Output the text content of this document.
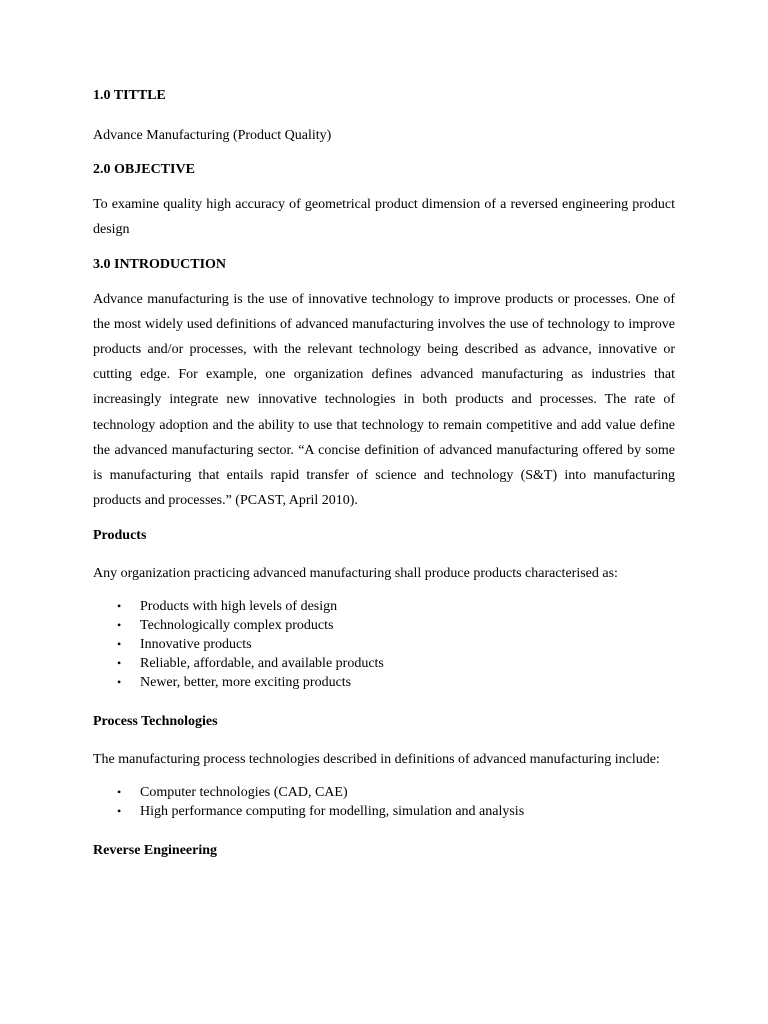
1.0 TITTLE

Advance Manufacturing (Product Quality)

2.0 OBJECTIVE

To examine quality high accuracy of geometrical product dimension of a reversed engineering product design

3.0 INTRODUCTION

Advance manufacturing is the use of innovative technology to improve products or processes. One of the most widely used definitions of advanced manufacturing involves the use of technology to improve products and/or processes, with the relevant technology being described as advance, innovative or cutting edge. For example, one organization defines advanced manufacturing as industries that increasingly integrate new innovative technologies in both products and processes. The rate of technology adoption and the ability to use that technology to remain competitive and add value define the advanced manufacturing sector. “A concise definition of advanced manufacturing offered by some is manufacturing that entails rapid transfer of science and technology (S&T) into manufacturing products and processes.” (PCAST, April 2010).

Products

Any organization practicing advanced manufacturing shall produce products characterised as:

• Products with high levels of design
• Technologically complex products
• Innovative products
• Reliable, affordable, and available products
• Newer, better, more exciting products

Process Technologies

The manufacturing process technologies described in definitions of advanced manufacturing include:

• Computer technologies (CAD, CAE)
• High performance computing for modelling, simulation and analysis

Reverse Engineering
